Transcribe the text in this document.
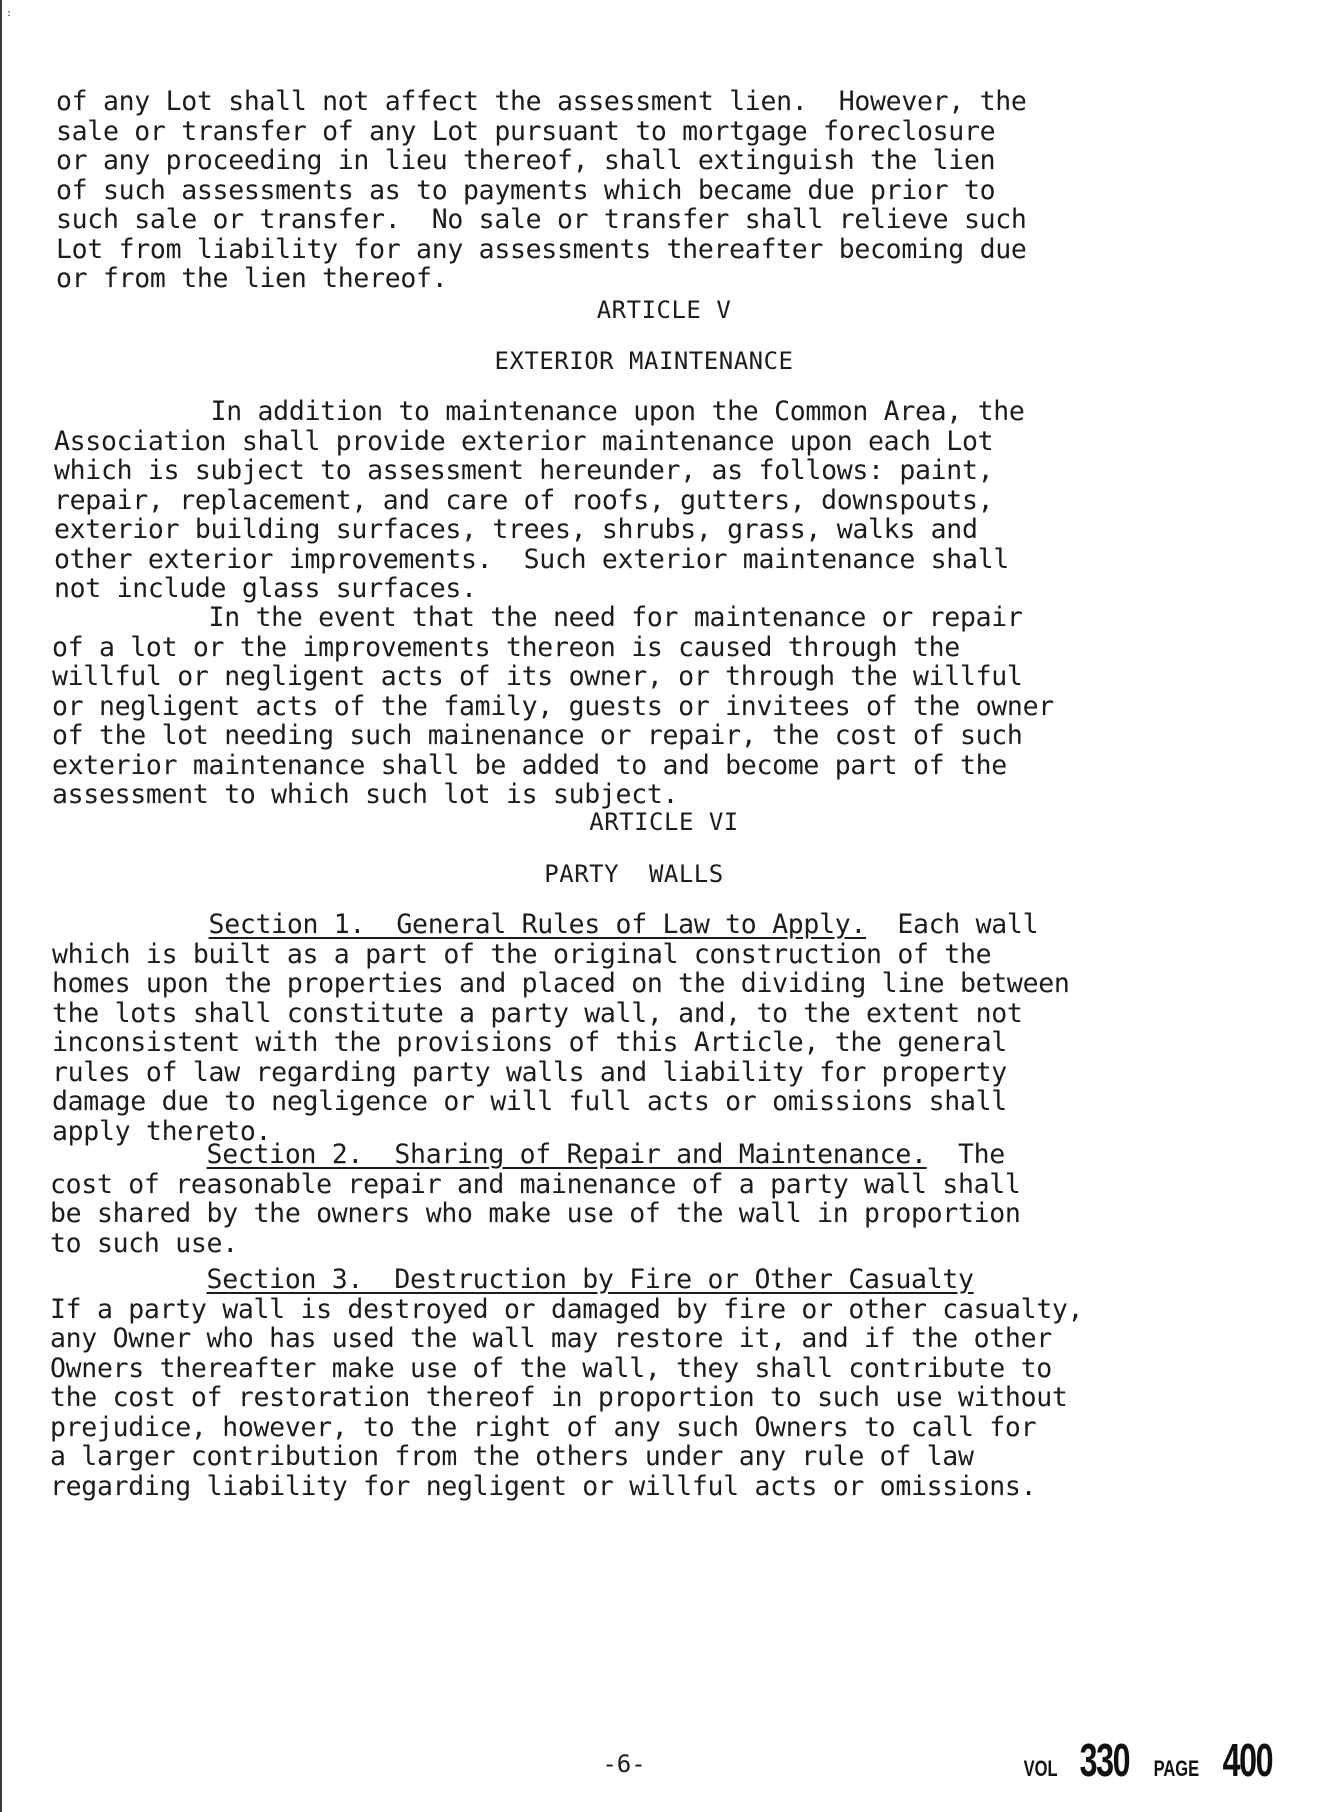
:
of any Lot shall not affect the assessment lien.  However, the
sale or transfer of any Lot pursuant to mortgage foreclosure
or any proceeding in lieu thereof, shall extinguish the lien
of such assessments as to payments which became due prior to
such sale or transfer.  No sale or transfer shall relieve such
Lot from liability for any assessments thereafter becoming due
or from the lien thereof.
ARTICLE V
EXTERIOR MAINTENANCE
In addition to maintenance upon the Common Area, the
Association shall provide exterior maintenance upon each Lot
which is subject to assessment hereunder, as follows: paint,
repair, replacement, and care of roofs, gutters, downspouts,
exterior building surfaces, trees, shrubs, grass, walks and
other exterior improvements.  Such exterior maintenance shall
not include glass surfaces.
In the event that the need for maintenance or repair
of a lot or the improvements thereon is caused through the
willful or negligent acts of its owner, or through the willful
or negligent acts of the family, guests or invitees of the owner
of the lot needing such mainenance or repair, the cost of such
exterior maintenance shall be added to and become part of the
assessment to which such lot is subject.
ARTICLE VI
PARTY  WALLS
Section 1.  General Rules of Law to Apply.  Each wall
which is built as a part of the original construction of the
homes upon the properties and placed on the dividing line between
the lots shall constitute a party wall, and, to the extent not
inconsistent with the provisions of this Article, the general
rules of law regarding party walls and liability for property
damage due to negligence or will full acts or omissions shall
apply thereto.
Section 2.  Sharing of Repair and Maintenance.  The
cost of reasonable repair and mainenance of a party wall shall
be shared by the owners who make use of the wall in proportion
to such use.
Section 3.  Destruction by Fire or Other Casualty
If a party wall is destroyed or damaged by fire or other casualty,
any Owner who has used the wall may restore it, and if the other
Owners thereafter make use of the wall, they shall contribute to
the cost of restoration thereof in proportion to such use without
prejudice, however, to the right of any such Owners to call for
a larger contribution from the others under any rule of law
regarding liability for negligent or willful acts or omissions.
-6-	VOL 330 PAGE 400
